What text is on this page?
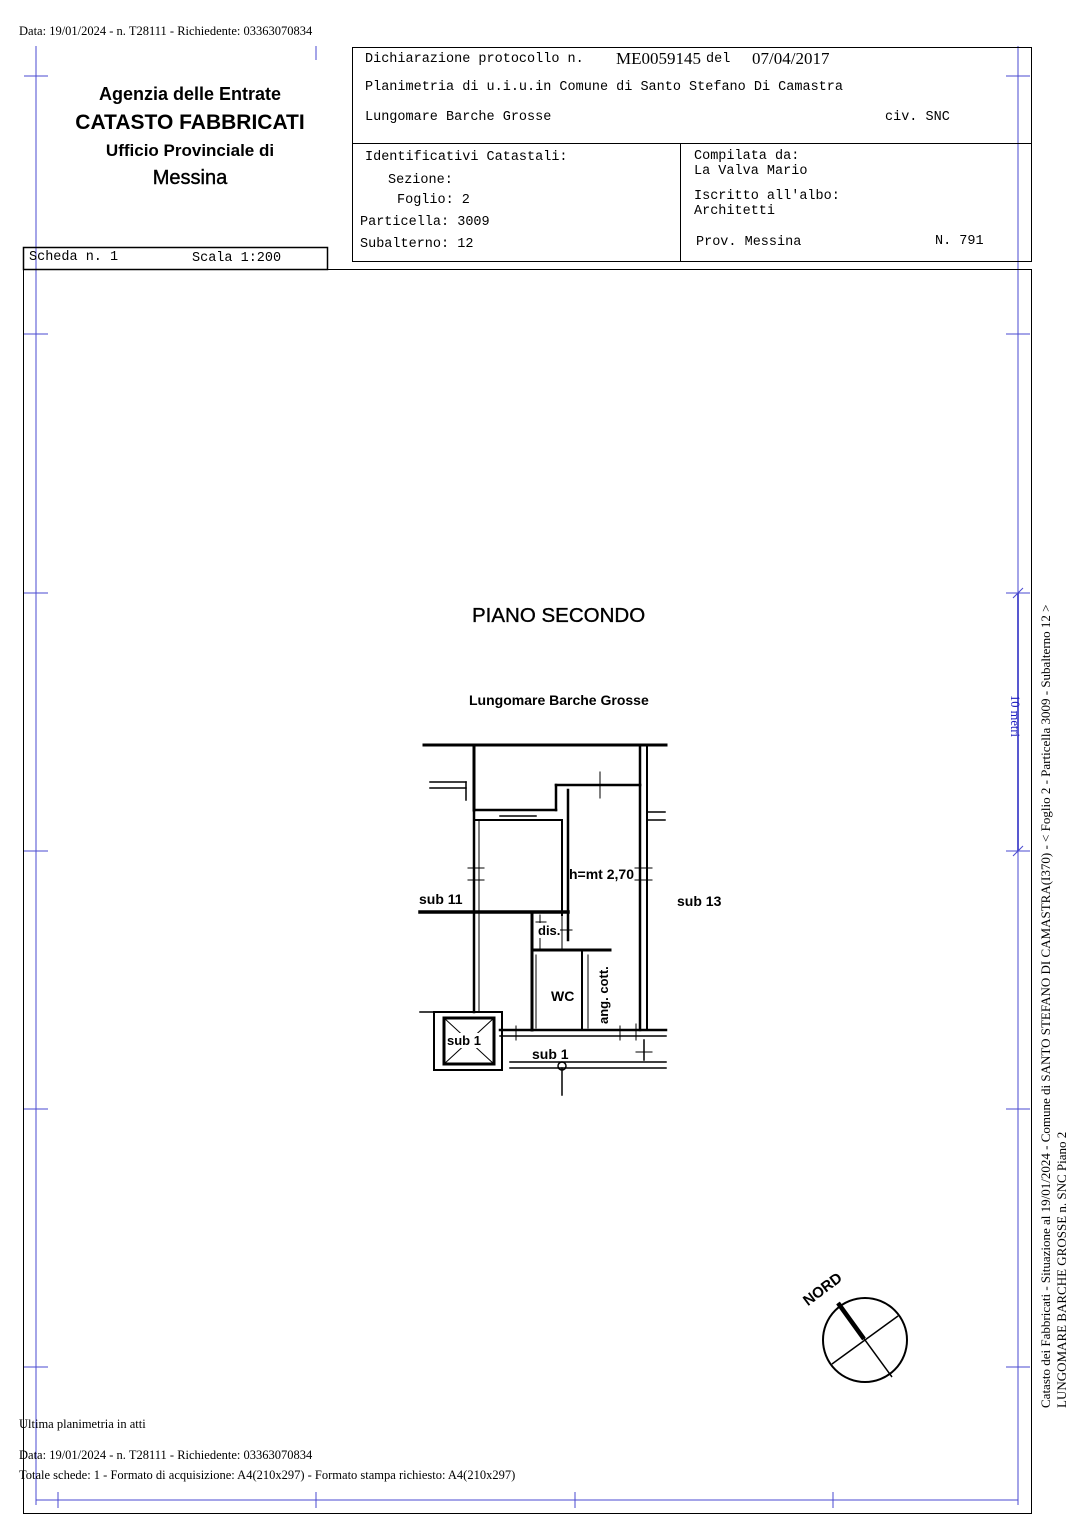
Data: 19/01/2024 - n. T28111 - Richiedente: 03363070834
Agenzia delle Entrate
CATASTO FABBRICATI
Ufficio Provinciale di
Messina
Scheda n. 1	Scala 1:200
Dichiarazione protocollo n. ME0059145 del 07/04/2017
Planimetria di u.i.u.in Comune di Santo Stefano Di Camastra
Lungomare Barche Grosse	civ. SNC
Identificativi Catastali:
Sezione:
Foglio: 2
Particella: 3009
Subalterno: 12
Compilata da:
La Valva Mario
Iscritto all'albo:
Architetti
Prov. Messina	N. 791
PIANO SECONDO
Lungomare Barche Grosse
h=mt 2,70
sub 11	sub 13
dis.
WC ang. cott.
sub 1
sub 1
NORD
10 metri Catasto dei Fabbricati - Situazione al 19/01/2024 - Comune di SANTO STEFANO DI CAMASTRA(I370) - < Foglio 2 - Particella 3009 - Subalterno 12 > LUNGOMARE BARCHE GROSSE n. SNC Piano 2
Ultima planimetria in atti
Data: 19/01/2024 - n. T28111 - Richiedente: 03363070834
Totale schede: 1 - Formato di acquisizione: A4(210x297) - Formato stampa richiesto: A4(210x297)
